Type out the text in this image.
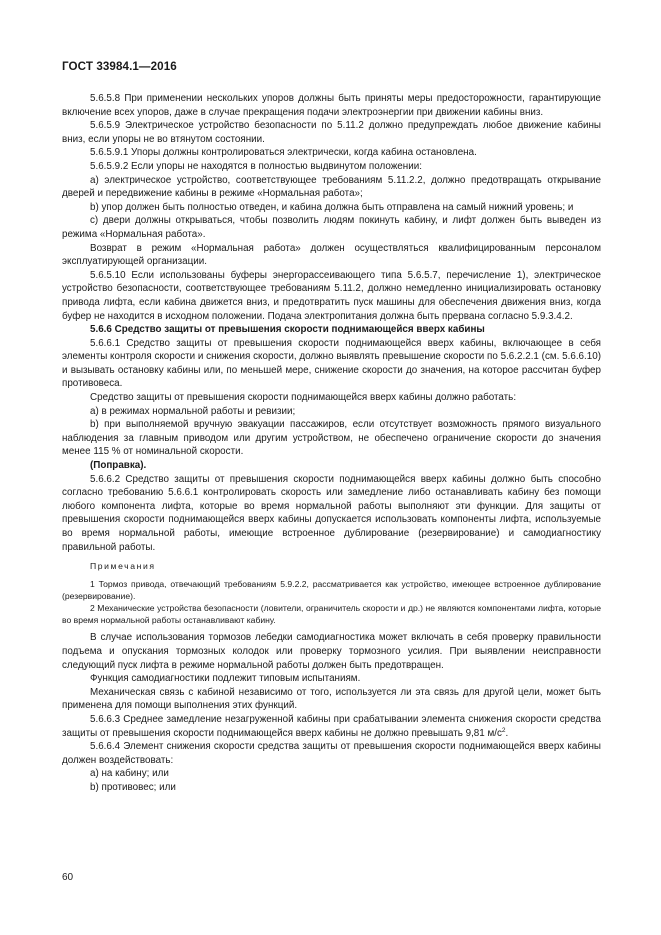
ГОСТ 33984.1—2016

5.6.5.8 При применении нескольких упоров должны быть приняты меры предосторожности, гарантирующие включение всех упоров, даже в случае прекращения подачи электроэнергии при движении кабины вниз.

5.6.5.9 Электрическое устройство безопасности по 5.11.2 должно предупреждать любое движение кабины вниз, если упоры не во втянутом состоянии.

5.6.5.9.1 Упоры должны контролироваться электрически, когда кабина остановлена.

5.6.5.9.2 Если упоры не находятся в полностью выдвинутом положении:

a) электрическое устройство, соответствующее требованиям 5.11.2.2, должно предотвращать открывание дверей и передвижение кабины в режиме «Нормальная работа»;

b) упор должен быть полностью отведен, и кабина должна быть отправлена на самый нижний уровень; и

c) двери должны открываться, чтобы позволить людям покинуть кабину, и лифт должен быть выведен из режима «Нормальная работа».

Возврат в режим «Нормальная работа» должен осуществляться квалифицированным персоналом эксплуатирующей организации.

5.6.5.10 Если использованы буферы энергорассеивающего типа 5.6.5.7, перечисление 1), электрическое устройство безопасности, соответствующее требованиям 5.11.2, должно немедленно инициализировать остановку привода лифта, если кабина движется вниз, и предотвратить пуск машины для обеспечения движения вниз, когда буфер не находится в исходном положении. Подача электропитания должна быть прервана согласно 5.9.3.4.2.

5.6.6 Средство защиты от превышения скорости поднимающейся вверх кабины

5.6.6.1 Средство защиты от превышения скорости поднимающейся вверх кабины, включающее в себя элементы контроля скорости и снижения скорости, должно выявлять превышение скорости по 5.6.2.2.1 (см. 5.6.6.10) и вызывать остановку кабины или, по меньшей мере, снижение скорости до значения, на которое рассчитан буфер противовеса.

Средство защиты от превышения скорости поднимающейся вверх кабины должно работать:

a) в режимах нормальной работы и ревизии;

b) при выполняемой вручную эвакуации пассажиров, если отсутствует возможность прямого визуального наблюдения за главным приводом или другим устройством, не обеспечено ограничение скорости до значения менее 115 % от номинальной скорости.

(Поправка).

5.6.6.2 Средство защиты от превышения скорости поднимающейся вверх кабины должно быть способно согласно требованию 5.6.6.1 контролировать скорость или замедление либо останавливать кабину без помощи любого компонента лифта, которые во время нормальной работы выполняют эти функции. Для защиты от превышения скорости поднимающейся вверх кабины допускается использовать компоненты лифта, используемые во время нормальной работы, имеющие встроенное дублирование (резервирование) и самодиагностику правильной работы.

Примечания

1 Тормоз привода, отвечающий требованиям 5.9.2.2, рассматривается как устройство, имеющее встроенное дублирование (резервирование).

2 Механические устройства безопасности (ловители, ограничитель скорости и др.) не являются компонентами лифта, которые во время нормальной работы останавливают кабину.

В случае использования тормозов лебедки самодиагностика может включать в себя проверку правильности подъема и опускания тормозных колодок или проверку тормозного усилия. При выявлении неисправности следующий пуск лифта в режиме нормальной работы должен быть предотвращен.

Функция самодиагностики подлежит типовым испытаниям.

Механическая связь с кабиной независимо от того, используется ли эта связь для другой цели, может быть применена для помощи выполнения этих функций.

5.6.6.3 Среднее замедление незагруженной кабины при срабатывании элемента снижения скорости средства защиты от превышения скорости поднимающейся вверх кабины не должно превышать 9,81 $м/с^2$.

5.6.6.4 Элемент снижения скорости средства защиты от превышения скорости поднимающейся вверх кабины должен воздействовать:

a) на кабину; или

b) противовес; или

60
